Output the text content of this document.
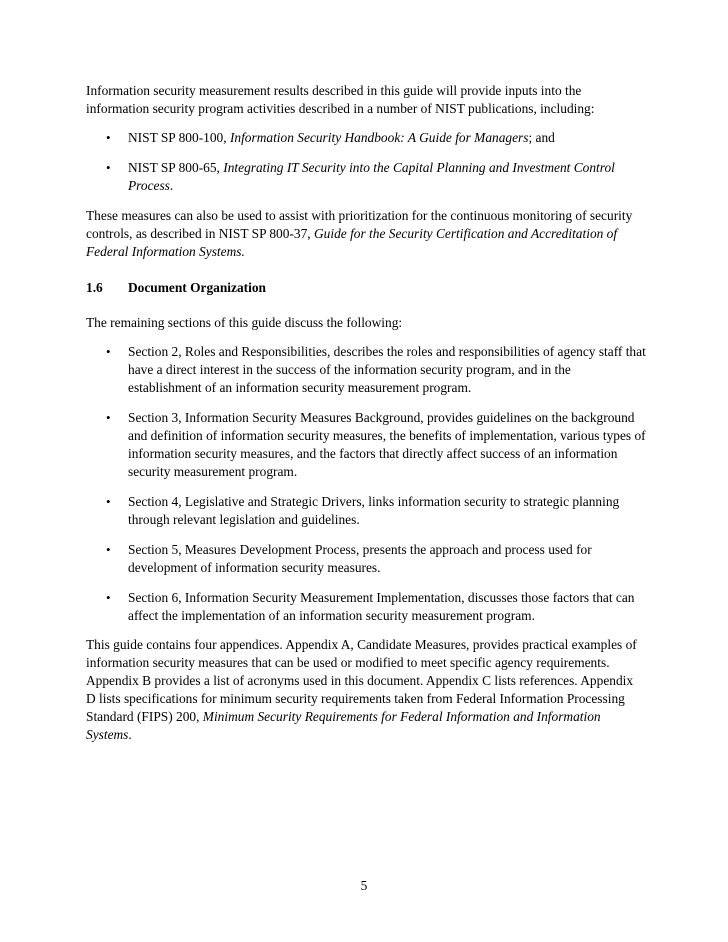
Information security measurement results described in this guide will provide inputs into the information security program activities described in a number of NIST publications, including:

• NIST SP 800-100, Information Security Handbook: A Guide for Managers; and
• NIST SP 800-65, Integrating IT Security into the Capital Planning and Investment Control Process.

These measures can also be used to assist with prioritization for the continuous monitoring of security controls, as described in NIST SP 800-37, Guide for the Security Certification and Accreditation of Federal Information Systems.

1.6	Document Organization

The remaining sections of this guide discuss the following:

• Section 2, Roles and Responsibilities, describes the roles and responsibilities of agency staff that have a direct interest in the success of the information security program, and in the establishment of an information security measurement program.
• Section 3, Information Security Measures Background, provides guidelines on the background and definition of information security measures, the benefits of implementation, various types of information security measures, and the factors that directly affect success of an information security measurement program.
• Section 4, Legislative and Strategic Drivers, links information security to strategic planning through relevant legislation and guidelines.
• Section 5, Measures Development Process, presents the approach and process used for development of information security measures.
• Section 6, Information Security Measurement Implementation, discusses those factors that can affect the implementation of an information security measurement program.

This guide contains four appendices. Appendix A, Candidate Measures, provides practical examples of information security measures that can be used or modified to meet specific agency requirements. Appendix B provides a list of acronyms used in this document. Appendix C lists references. Appendix D lists specifications for minimum security requirements taken from Federal Information Processing Standard (FIPS) 200, Minimum Security Requirements for Federal Information and Information Systems.

5
